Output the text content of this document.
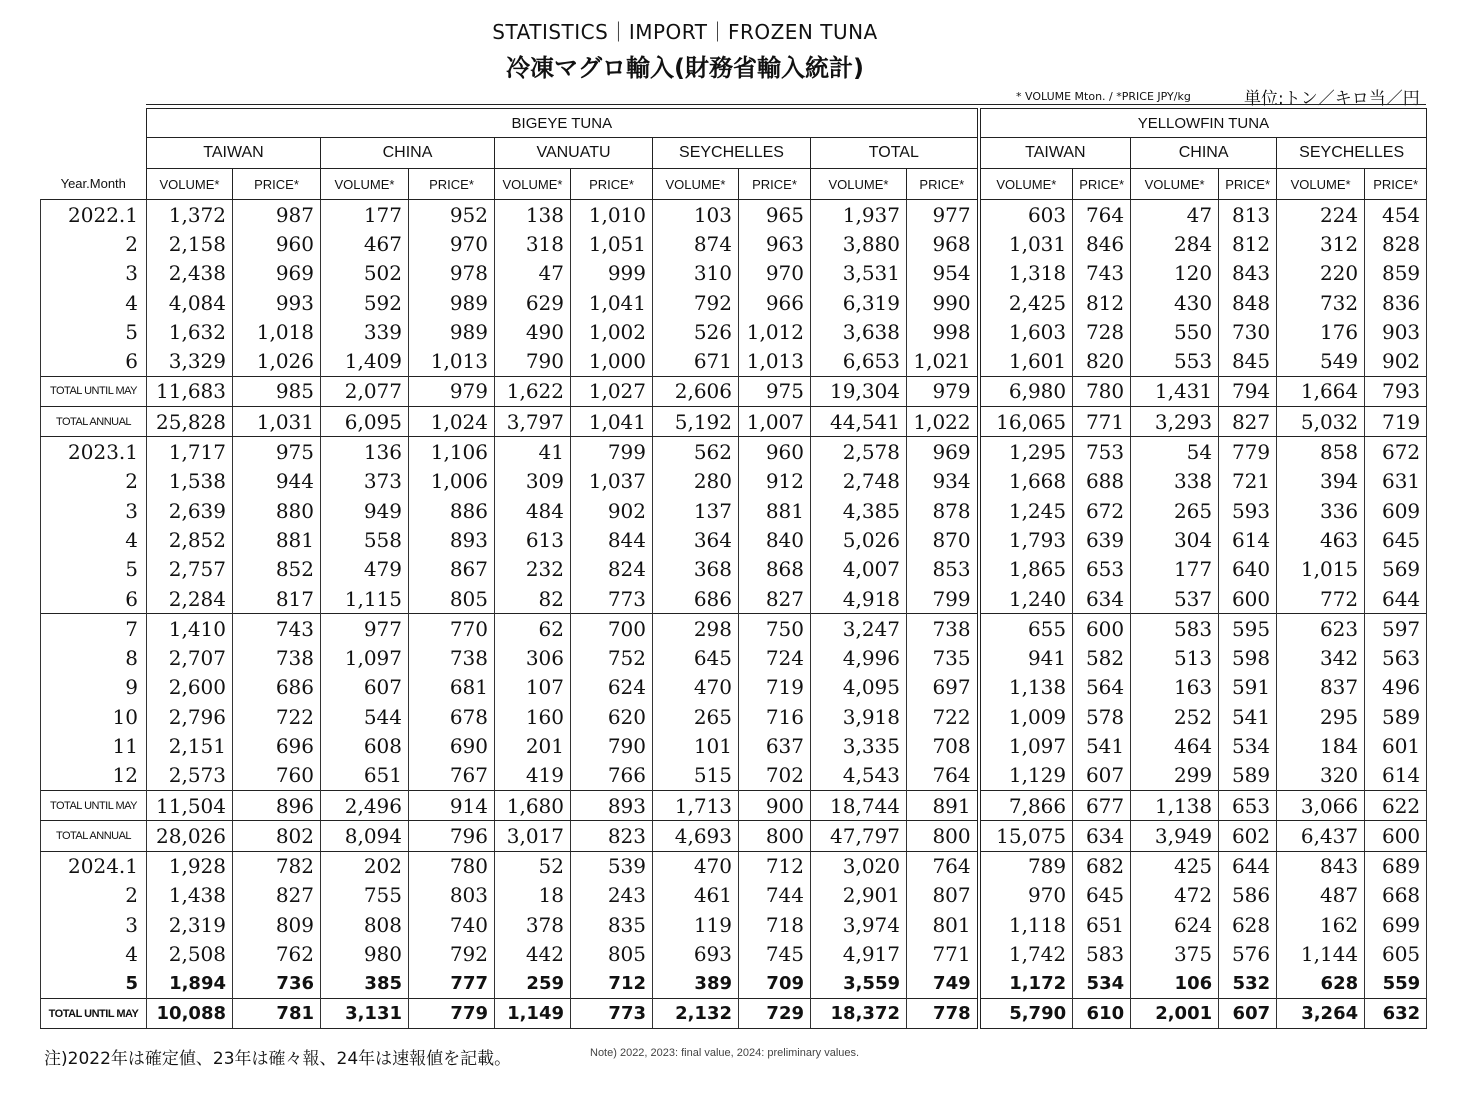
STATISTICS｜IMPORT｜FROZEN TUNA
冷凍マグロ輸入(財務省輸入統計)
* VOLUME Mton. / *PRICE JPY/kg	単位:トン／キロ当／円
	BIGEYE TUNA										YELLOWFIN TUNA					
	TAIWAN		CHINA		VANUATU		SEYCHELLES		TOTAL		TAIWAN		CHINA		SEYCHELLES	
Year.Month	VOLUME*	PRICE*	VOLUME*	PRICE*	VOLUME*	PRICE*	VOLUME*	PRICE*	VOLUME*	PRICE*	VOLUME*	PRICE*	VOLUME*	PRICE*	VOLUME*	PRICE*
2022.1	1,372	987	177	952	138	1,010	103	965	1,937	977	603	764	47	813	224	454
2	2,158	960	467	970	318	1,051	874	963	3,880	968	1,031	846	284	812	312	828
3	2,438	969	502	978	47	999	310	970	3,531	954	1,318	743	120	843	220	859
4	4,084	993	592	989	629	1,041	792	966	6,319	990	2,425	812	430	848	732	836
5	1,632	1,018	339	989	490	1,002	526	1,012	3,638	998	1,603	728	550	730	176	903
6	3,329	1,026	1,409	1,013	790	1,000	671	1,013	6,653	1,021	1,601	820	553	845	549	902
TOTAL UNTIL MAY	11,683	985	2,077	979	1,622	1,027	2,606	975	19,304	979	6,980	780	1,431	794	1,664	793
TOTAL ANNUAL	25,828	1,031	6,095	1,024	3,797	1,041	5,192	1,007	44,541	1,022	16,065	771	3,293	827	5,032	719
2023.1	1,717	975	136	1,106	41	799	562	960	2,578	969	1,295	753	54	779	858	672
2	1,538	944	373	1,006	309	1,037	280	912	2,748	934	1,668	688	338	721	394	631
3	2,639	880	949	886	484	902	137	881	4,385	878	1,245	672	265	593	336	609
4	2,852	881	558	893	613	844	364	840	5,026	870	1,793	639	304	614	463	645
5	2,757	852	479	867	232	824	368	868	4,007	853	1,865	653	177	640	1,015	569
6	2,284	817	1,115	805	82	773	686	827	4,918	799	1,240	634	537	600	772	644
7	1,410	743	977	770	62	700	298	750	3,247	738	655	600	583	595	623	597
8	2,707	738	1,097	738	306	752	645	724	4,996	735	941	582	513	598	342	563
9	2,600	686	607	681	107	624	470	719	4,095	697	1,138	564	163	591	837	496
10	2,796	722	544	678	160	620	265	716	3,918	722	1,009	578	252	541	295	589
11	2,151	696	608	690	201	790	101	637	3,335	708	1,097	541	464	534	184	601
12	2,573	760	651	767	419	766	515	702	4,543	764	1,129	607	299	589	320	614
TOTAL UNTIL MAY	11,504	896	2,496	914	1,680	893	1,713	900	18,744	891	7,866	677	1,138	653	3,066	622
TOTAL ANNUAL	28,026	802	8,094	796	3,017	823	4,693	800	47,797	800	15,075	634	3,949	602	6,437	600
2024.1	1,928	782	202	780	52	539	470	712	3,020	764	789	682	425	644	843	689
2	1,438	827	755	803	18	243	461	744	2,901	807	970	645	472	586	487	668
3	2,319	809	808	740	378	835	119	718	3,974	801	1,118	651	624	628	162	699
4	2,508	762	980	792	442	805	693	745	4,917	771	1,742	583	375	576	1,144	605
5	1,894	736	385	777	259	712	389	709	3,559	749	1,172	534	106	532	628	559
TOTAL UNTIL MAY	10,088	781	3,131	779	1,149	773	2,132	729	18,372	778	5,790	610	2,001	607	3,264	632
注)2022年は確定値、23年は確々報、24年は速報値を記載。	Note) 2022, 2023: final value, 2024: preliminary values.
